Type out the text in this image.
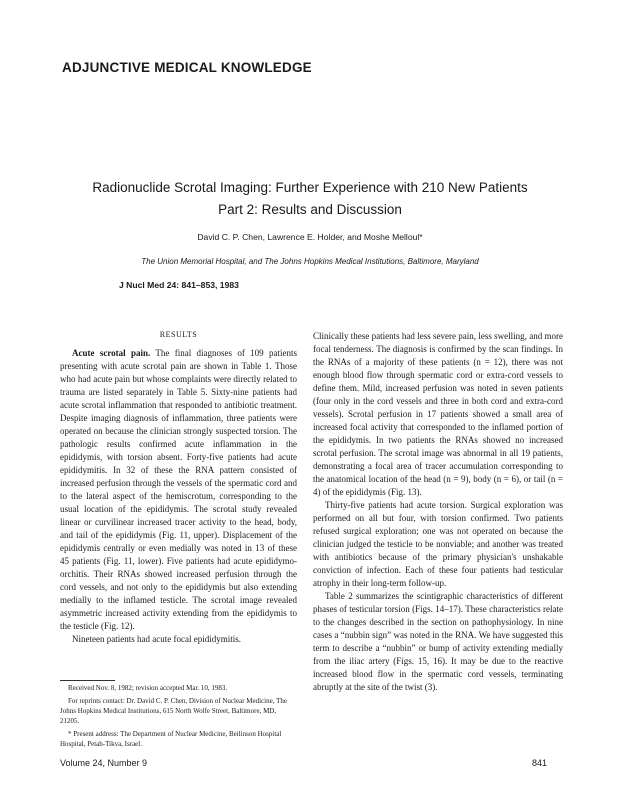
ADJUNCTIVE MEDICAL KNOWLEDGE
Radionuclide Scrotal Imaging: Further Experience with 210 New Patients
Part 2: Results and Discussion
David C. P. Chen, Lawrence E. Holder, and Moshe Melloul*
The Union Memorial Hospital, and The Johns Hopkins Medical Institutions, Baltimore, Maryland
J Nucl Med 24: 841–853, 1983
RESULTS

Acute scrotal pain. The final diagnoses of 109 patients presenting with acute scrotal pain are shown in Table 1. Those who had acute pain but whose complaints were directly related to trauma are listed separately in Table 5. Sixty-nine patients had acute scrotal inflammation that responded to antibiotic treatment. Despite imaging diagnosis of inflammation, three patients were operated on because the clinician strongly suspected torsion. The pathologic results confirmed acute inflammation in the epididymis, with torsion absent. Forty-five patients had acute epididymitis. In 32 of these the RNA pattern consisted of increased perfusion through the vessels of the spermatic cord and to the lateral aspect of the hemiscrotum, corresponding to the usual location of the epididymis. The scrotal study revealed linear or curvilinear increased tracer activity to the head, body, and tail of the epididymis (Fig. 11, upper). Displacement of the epididymis centrally or even medially was noted in 13 of these 45 patients (Fig. 11, lower). Five patients had acute epididymo-orchitis. Their RNAs showed increased perfusion through the cord vessels, and not only to the epididymis but also extending medially to the inflamed testicle. The scrotal image revealed asymmetric increased activity extending from the epididymis to the testicle (Fig. 12).

Nineteen patients had acute focal epididymitis.

Clinically these patients had less severe pain, less swelling, and more focal tenderness. The diagnosis is confirmed by the scan findings. In the RNAs of a majority of these patients (n = 12), there was not enough blood flow through spermatic cord or extra-cord vessels to define them. Mild, increased perfusion was noted in seven patients (four only in the cord vessels and three in both cord and extra-cord vessels). Scrotal perfusion in 17 patients showed a small area of increased focal activity that corresponded to the inflamed portion of the epididymis. In two patients the RNAs showed no increased scrotal perfusion. The scrotal image was abnormal in all 19 patients, demonstrating a focal area of tracer accumulation corresponding to the anatomical location of the head (n = 9), body (n = 6), or tail (n = 4) of the epididymis (Fig. 13).

Thirty-five patients had acute torsion. Surgical exploration was performed on all but four, with torsion confirmed. Two patients refused surgical exploration; one was not operated on because the clinician judged the testicle to be nonviable; and another was treated with antibiotics because of the primary physician's unshakable conviction of infection. Each of these four patients had testicular atrophy in their long-term follow-up.

Table 2 summarizes the scintigraphic characteristics of different phases of testicular torsion (Figs. 14–17). These characteristics relate to the changes described in the section on pathophysiology. In nine cases a “nubbin sign” was noted in the RNA. We have suggested this term to describe a “nubbin” or bump of activity extending medially from the iliac artery (Figs. 15, 16). It may be due to the reactive increased blood flow in the spermatic cord vessels, terminating abruptly at the site of the twist (3).

Received Nov. 8, 1982; revision accepted Mar. 10, 1983.

For reprints contact: Dr. David C. P. Chen, Division of Nuclear Medicine, The Johns Hopkins Medical Institutions, 615 North Wolfe Street, Baltimore, MD, 21205.

* Present address: The Department of Nuclear Medicine, Beilinson Hospital Hospital, Petah-Tikva, Israel.

Volume 24, Number 9	841
